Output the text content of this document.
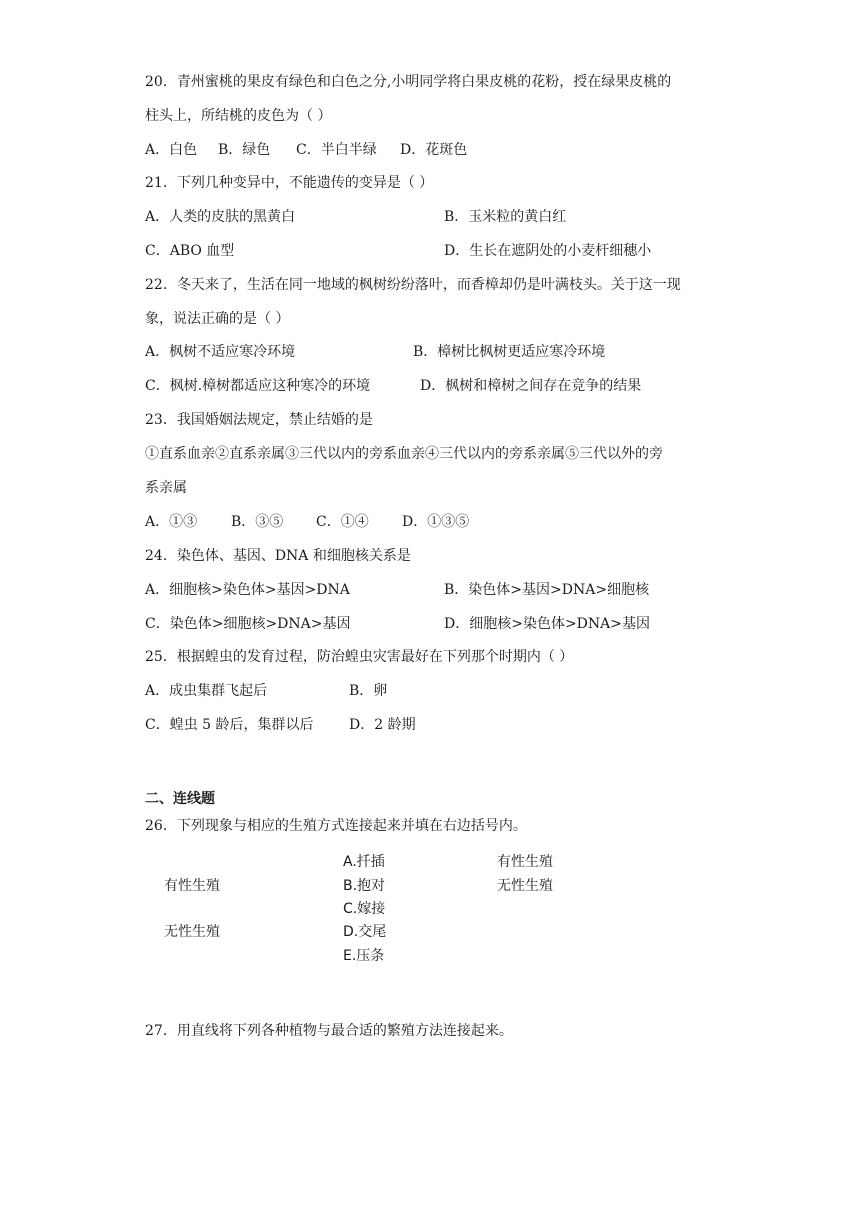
20．青州蜜桃的果皮有绿色和白色之分,小明同学将白果皮桃的花粉，授在绿果皮桃的
柱头上，所结桃的皮色为（ ）
A．白色 B．绿色 C．半白半绿 D．花斑色
21．下列几种变异中，不能遗传的变异是（ ）
A．人类的皮肤的黑黄白	B．玉米粒的黄白红
C．ABO 血型	D．生长在遮阴处的小麦杆细穗小
22．冬天来了，生活在同一地域的枫树纷纷落叶，而香樟却仍是叶满枝头。关于这一现
象，说法正确的是（ ）
A．枫树不适应寒冷环境	B．樟树比枫树更适应寒冷环境
C．枫树.樟树都适应这种寒冷的环境	D．枫树和樟树之间存在竞争的结果
23．我国婚姻法规定，禁止结婚的是
①直系血亲②直系亲属③三代以内的旁系血亲④三代以内的旁系亲属⑤三代以外的旁
系亲属
A．①③ B．③⑤ C．①④ D．①③⑤
24．染色体、基因、DNA 和细胞核关系是
A．细胞核>染色体>基因>DNA	B．染色体>基因>DNA>细胞核
C．染色体>细胞核>DNA>基因	D．细胞核>染色体>DNA>基因
25．根据蝗虫的发育过程，防治蝗虫灾害最好在下列那个时期内（ ）
A．成虫集群飞起后	B．卵
C．蝗虫 5 龄后，集群以后	D．2 龄期
二、连线题
26．下列现象与相应的生殖方式连接起来并填在右边括号内。
有性生殖
无性生殖
A.扦插
B.抱对
C.嫁接
D.交尾
E.压条
有性生殖
无性生殖
27．用直线将下列各种植物与最合适的繁殖方法连接起来。
